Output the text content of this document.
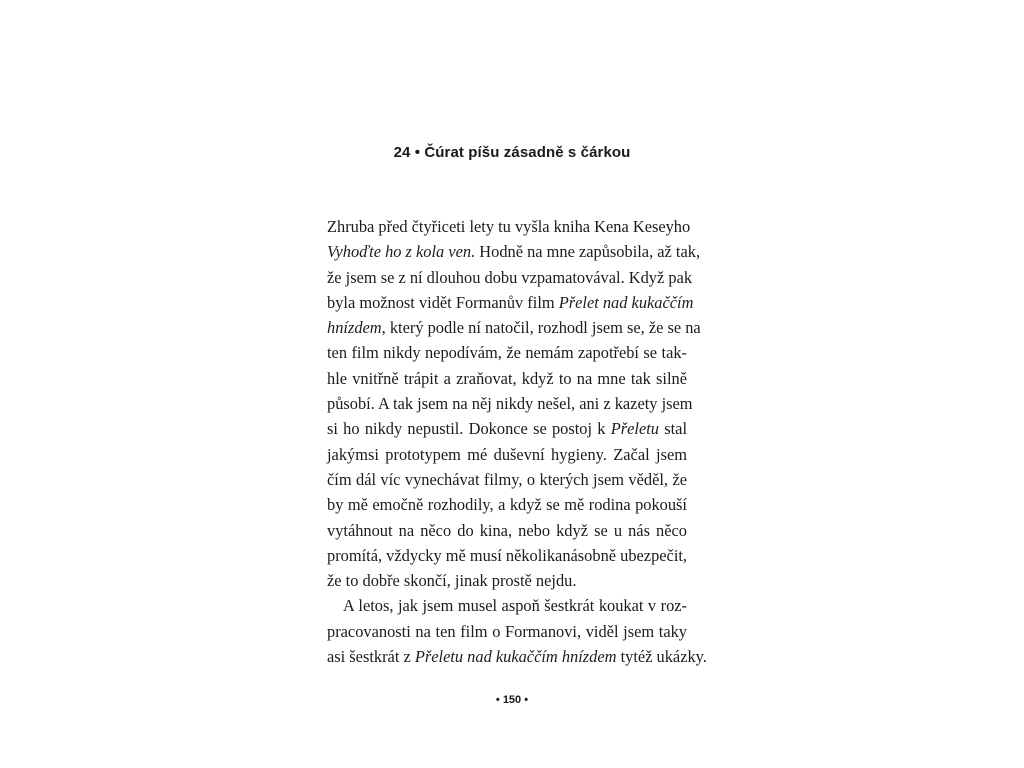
24 • Čúrat píšu zásadně s čárkou
Zhruba před čtyřiceti lety tu vyšla kniha Kena Keseyho
Vyhoďte ho z kola ven. Hodně na mne zapůsobila, až tak,
že jsem se z ní dlouhou dobu vzpamatovával. Když pak
byla možnost vidět Formanův film Přelet nad kukaččím
hnízdem, který podle ní natočil, rozhodl jsem se, že se na
ten film nikdy nepodívám, že nemám zapotřebí se tak-
hle vnitřně trápit a zraňovat, když to na mne tak silně
působí. A tak jsem na něj nikdy nešel, ani z kazety jsem
si ho nikdy nepustil. Dokonce se postoj k Přeletu stal
jakýmsi prototypem mé duševní hygieny. Začal jsem
čím dál víc vynechávat filmy, o kterých jsem věděl, že
by mě emočně rozhodily, a když se mě rodina pokouší
vytáhnout na něco do kina, nebo když se u nás něco
promítá, vždycky mě musí několikanásobně ubezpečit,
že to dobře skončí, jinak prostě nejdu.
A letos, jak jsem musel aspoň šestkrát koukat v roz-
pracovanosti na ten film o Formanovi, viděl jsem taky
asi šestkrát z Přeletu nad kukaččím hnízdem tytéž ukázky.
• 150 •
